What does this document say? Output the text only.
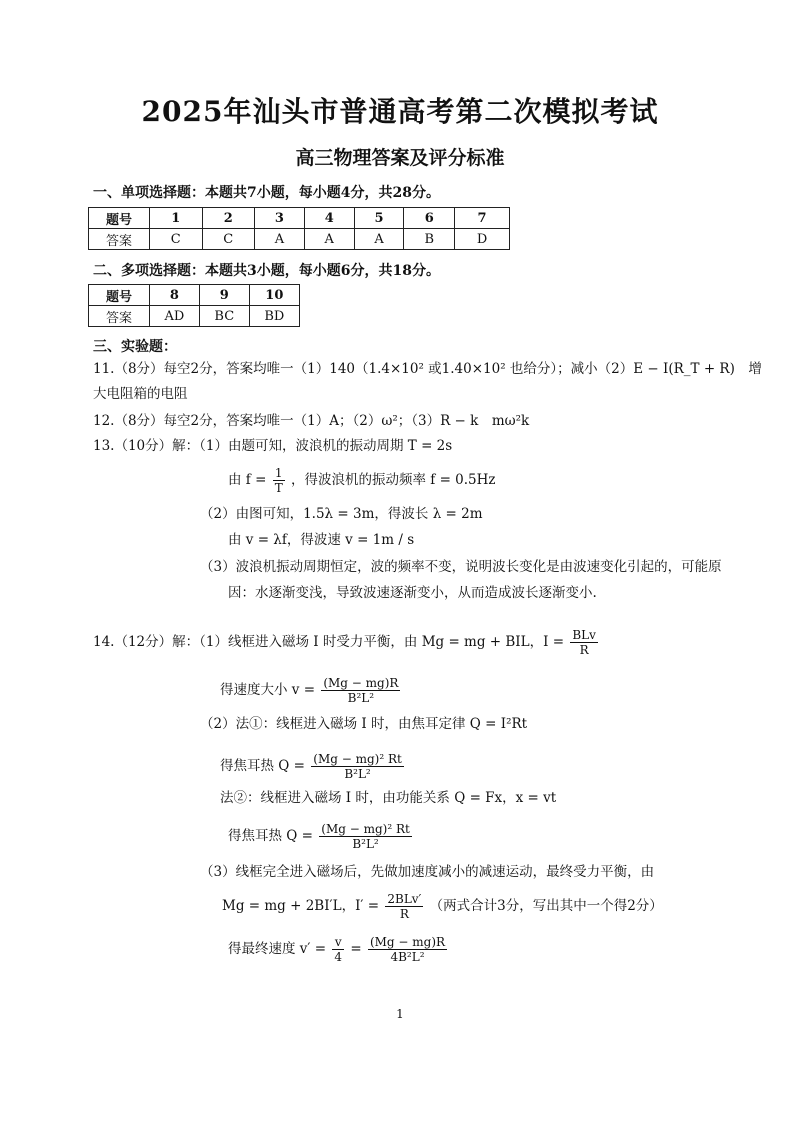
2025年汕头市普通高考第二次模拟考试
高三物理答案及评分标准
一、单项选择题：本题共7小题，每小题4分，共28分。
题号	1	2	3	4	5	6	7
答案	C	C	A	A	A	B	D
二、多项选择题：本题共3小题，每小题6分，共18分。
题号	8	9	10
答案	AD	BC	BD
三、实验题：
11.（8分）每空2分，答案均唯一（1）140（1.4×10² 或1.40×10² 也给分）；减小（2）E − I(R_T + R)　增
大电阻箱的电阻
12.（8分）每空2分，答案均唯一（1）A；（2）ω²；（3）R − k　mω²k
13.（10分）解：（1）由题可知，波浪机的振动周期 T = 2s
由 $f = \frac{1}{T}$ ，得波浪机的振动频率 f = 0.5Hz
（2）由图可知，1.5λ = 3m，得波长 λ = 2m
由 v = λf，得波速 v = 1m / s
（3）波浪机振动周期恒定，波的频率不变，说明波长变化是由波速变化引起的，可能原
因：水逐渐变浅，导致波速逐渐变小，从而造成波长逐渐变小.
14.（12分）解：（1）线框进入磁场 I 时受力平衡，由 Mg = mg + BIL，$I = \frac{\text{BLv}}{R}$
得速度大小 $v = \frac{(Mg - mg)R}{\text{B²L²}}$
（2）法①：线框进入磁场 I 时，由焦耳定律 Q = I²Rt
得焦耳热 $Q = \frac{\text{(Mg − mg)² Rt}}{\text{B²L²}}$
法②：线框进入磁场 I 时，由功能关系 Q = Fx，x = vt
得焦耳热 $Q = \frac{\text{(Mg − mg)² Rt}}{\text{B²L²}}$
（3）线框完全进入磁场后，先做加速度减小的减速运动，最终受力平衡，由
Mg = mg + 2BI′L，$I' = \frac{\text{2BLv′}}{R}$ （两式合计3分，写出其中一个得2分）
得最终速度 $v' = \frac{v}{4} = \frac{(Mg - mg)R}{\text{4B²L²}}$
1
